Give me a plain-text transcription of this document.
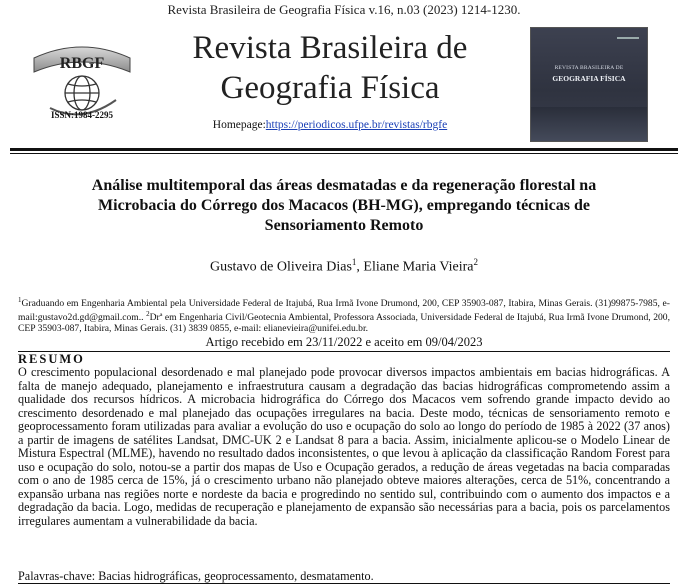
Revista Brasileira de Geografia Física v.16, n.03 (2023) 1214-1230.
RBGF
ISSN:1984-2295
Revista Brasileira de
Geografia Física
Homepage:https://periodicos.ufpe.br/revistas/rbgfe
REVISTA BRASILEIRA DE
GEOGRAFIA FÍSICA
Análise multitemporal das áreas desmatadas e da regeneração florestal na
Microbacia do Córrego dos Macacos (BH-MG), empregando técnicas de
Sensoriamento Remoto
Gustavo de Oliveira Dias$^1$, Eliane Maria Vieira$^2$
$^1$Graduando em Engenharia Ambiental pela Universidade Federal de Itajubá, Rua Irmã Ivone Drumond, 200, CEP 35903-087, Itabira, Minas Gerais. (31)99875-7985, e-mail:gustavo2d.gd@gmail.com.. $^2$Drª em Engenharia Civil/Geotecnia Ambiental, Professora Associada, Universidade Federal de Itajubá, Rua Irmã Ivone Drumond, 200, CEP 35903-087, Itabira, Minas Gerais. (31) 3839 0855, e-mail: elianevieira@unifei.edu.br.
Artigo recebido em 23/11/2022 e aceito em 09/04/2023
RESUMO
O crescimento populacional desordenado e mal planejado pode provocar diversos impactos ambientais em bacias hidrográficas. A falta de manejo adequado, planejamento e infraestrutura causam a degradação das bacias hidrográficas comprometendo assim a qualidade dos recursos hídricos. A microbacia hidrográfica do Córrego dos Macacos vem sofrendo grande impacto devido ao crescimento desordenado e mal planejado das ocupações irregulares na bacia. Deste modo, técnicas de sensoriamento remoto e geoprocessamento foram utilizadas para avaliar a evolução do uso e ocupação do solo ao longo do período de 1985 à 2022 (37 anos) a partir de imagens de satélites Landsat, DMC-UK 2 e Landsat 8 para a bacia. Assim, inicialmente aplicou-se o Modelo Linear de Mistura Espectral (MLME), havendo no resultado dados inconsistentes, o que levou à aplicação da classificação Random Forest para uso e ocupação do solo, notou-se a partir dos mapas de Uso e Ocupação gerados, a redução de áreas vegetadas na bacia comparadas com o ano de 1985 cerca de 15%, já o crescimento urbano não planejado obteve maiores alterações, cerca de 51%, concentrando a expansão urbana nas regiões norte e nordeste da bacia e progredindo no sentido sul, contribuindo com o aumento dos impactos e a degradação da bacia. Logo, medidas de recuperação e planejamento de expansão são necessárias para a bacia, pois os parcelamentos irregulares aumentam a vulnerabilidade da bacia.
Palavras-chave: Bacias hidrográficas, geoprocessamento, desmatamento.
